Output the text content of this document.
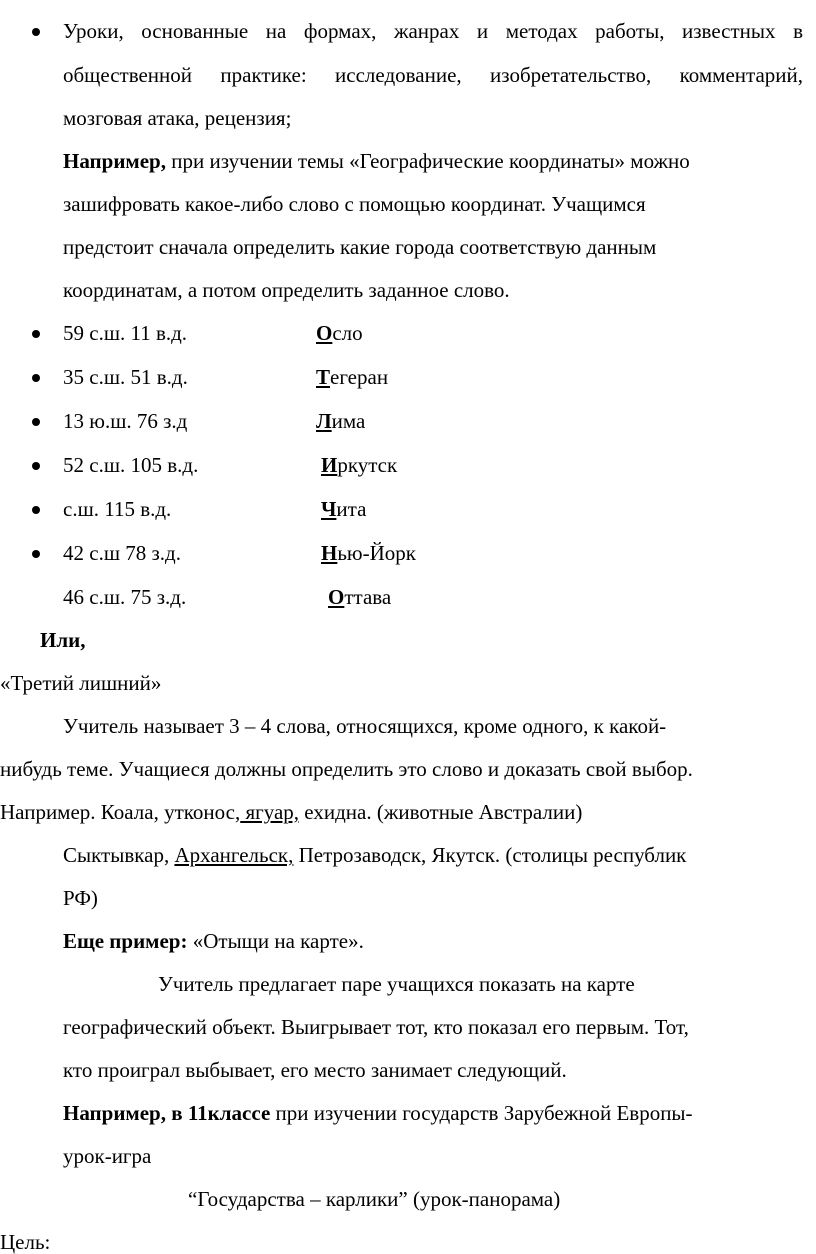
Уроки, основанные на формах, жанрах и методах работы, известных в
общественной практике: исследование, изобретательство, комментарий,
мозговая атака, рецензия;
Например, при изучении темы «Географические координаты» можно
зашифровать какое-либо слово с помощью координат. Учащимся
предстоит сначала определить какие города соответствую данным
координатам, а потом определить заданное слово.
59 с.ш. 11 в.д.	Осло
35 с.ш. 51 в.д.	Тегеран
13 ю.ш. 76 з.д	Лима
52 с.ш. 105 в.д.	Иркутск
с.ш. 115 в.д.	Чита
42 с.ш 78 з.д.	Нью-Йорк
46 с.ш. 75 з.д.	Оттава
Или,
«Третий лишний»
Учитель называет 3 – 4 слова, относящихся, кроме одного, к какой-
нибудь теме. Учащиеся должны определить это слово и доказать свой выбор.
Например. Коала, утконос, ягуар, ехидна. (животные Австралии)
Сыктывкар, Архангельск, Петрозаводск, Якутск. (столицы республик
РФ)
Еще пример: «Отыщи на карте».
Учитель предлагает паре учащихся показать на карте
географический объект. Выигрывает тот, кто показал его первым. Тот,
кто проиграл выбывает, его место занимает следующий.
Например, в 11классе при изучении государств Зарубежной Европы-
урок-игра
“Государства – карлики” (урок-панорама)
Цель:
